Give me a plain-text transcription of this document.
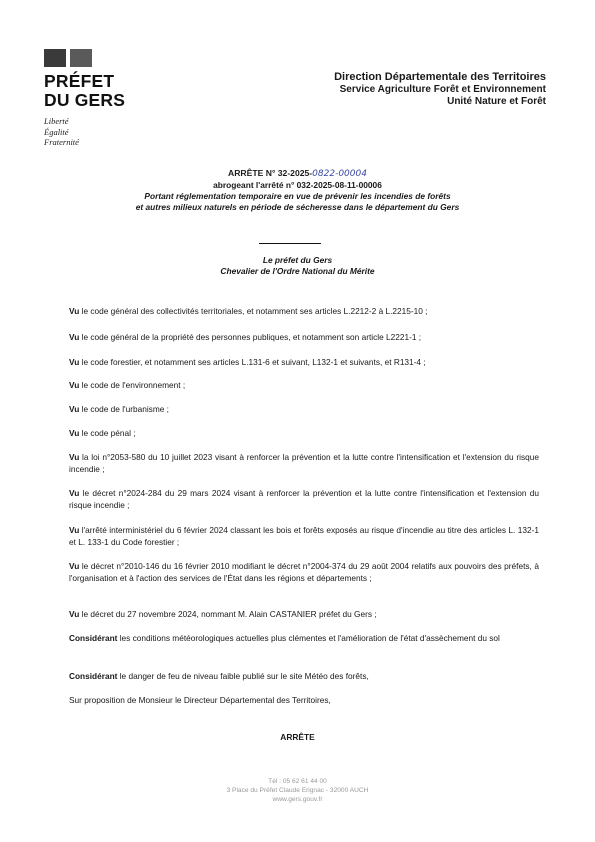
PRÉFET
DU GERS
Liberté
Égalité
Fraternité
Direction Départementale des Territoires
Service Agriculture Forêt et Environnement
Unité Nature et Forêt
ARRÊTE N° 32-2025-0822-00004
abrogeant l'arrêté n° 032-2025-08-11-00006
Portant réglementation temporaire en vue de prévenir les incendies de forêts
et autres milieux naturels en période de sécheresse dans le département du Gers
Le préfet du Gers
Chevalier de l'Ordre National du Mérite
Vu le code général des collectivités territoriales, et notamment ses articles L.2212-2 à L.2215-10 ;
Vu le code général de la propriété des personnes publiques, et notamment son article L2221-1 ;
Vu le code forestier, et notamment ses articles L.131-6 et suivant, L132-1 et suivants, et R131-4 ;
Vu le code de l'environnement ;
Vu le code de l'urbanisme ;
Vu le code pénal ;
Vu la loi n°2053-580 du 10 juillet 2023 visant à renforcer la prévention et la lutte contre l'intensification et l'extension du risque incendie ;
Vu le décret n°2024-284 du 29 mars 2024 visant à renforcer la prévention et la lutte contre l'intensification et l'extension du risque incendie ;
Vu l'arrêté interministériel du 6 février 2024 classant les bois et forêts exposés au risque d'incendie au titre des articles L. 132-1 et L. 133-1 du Code forestier ;
Vu le décret n°2010-146 du 16 février 2010 modifiant le décret n°2004-374 du 29 août 2004 relatifs aux pouvoirs des préfets, à l'organisation et à l'action des services de l'État dans les régions et départements ;
Vu le décret du 27 novembre 2024, nommant M. Alain CASTANIER préfet du Gers ;
Considérant les conditions météorologiques actuelles plus clémentes et l'amélioration de l'état d'assèchement du sol
Considérant le danger de feu de niveau faible publié sur le site Météo des forêts,
Sur proposition de Monsieur le Directeur Départemental des Territoires,
ARRÊTE
Tél : 05 62 61 44 00
3 Place du Préfet Claude Erignac - 32000 AUCH
www.gers.gouv.fr
